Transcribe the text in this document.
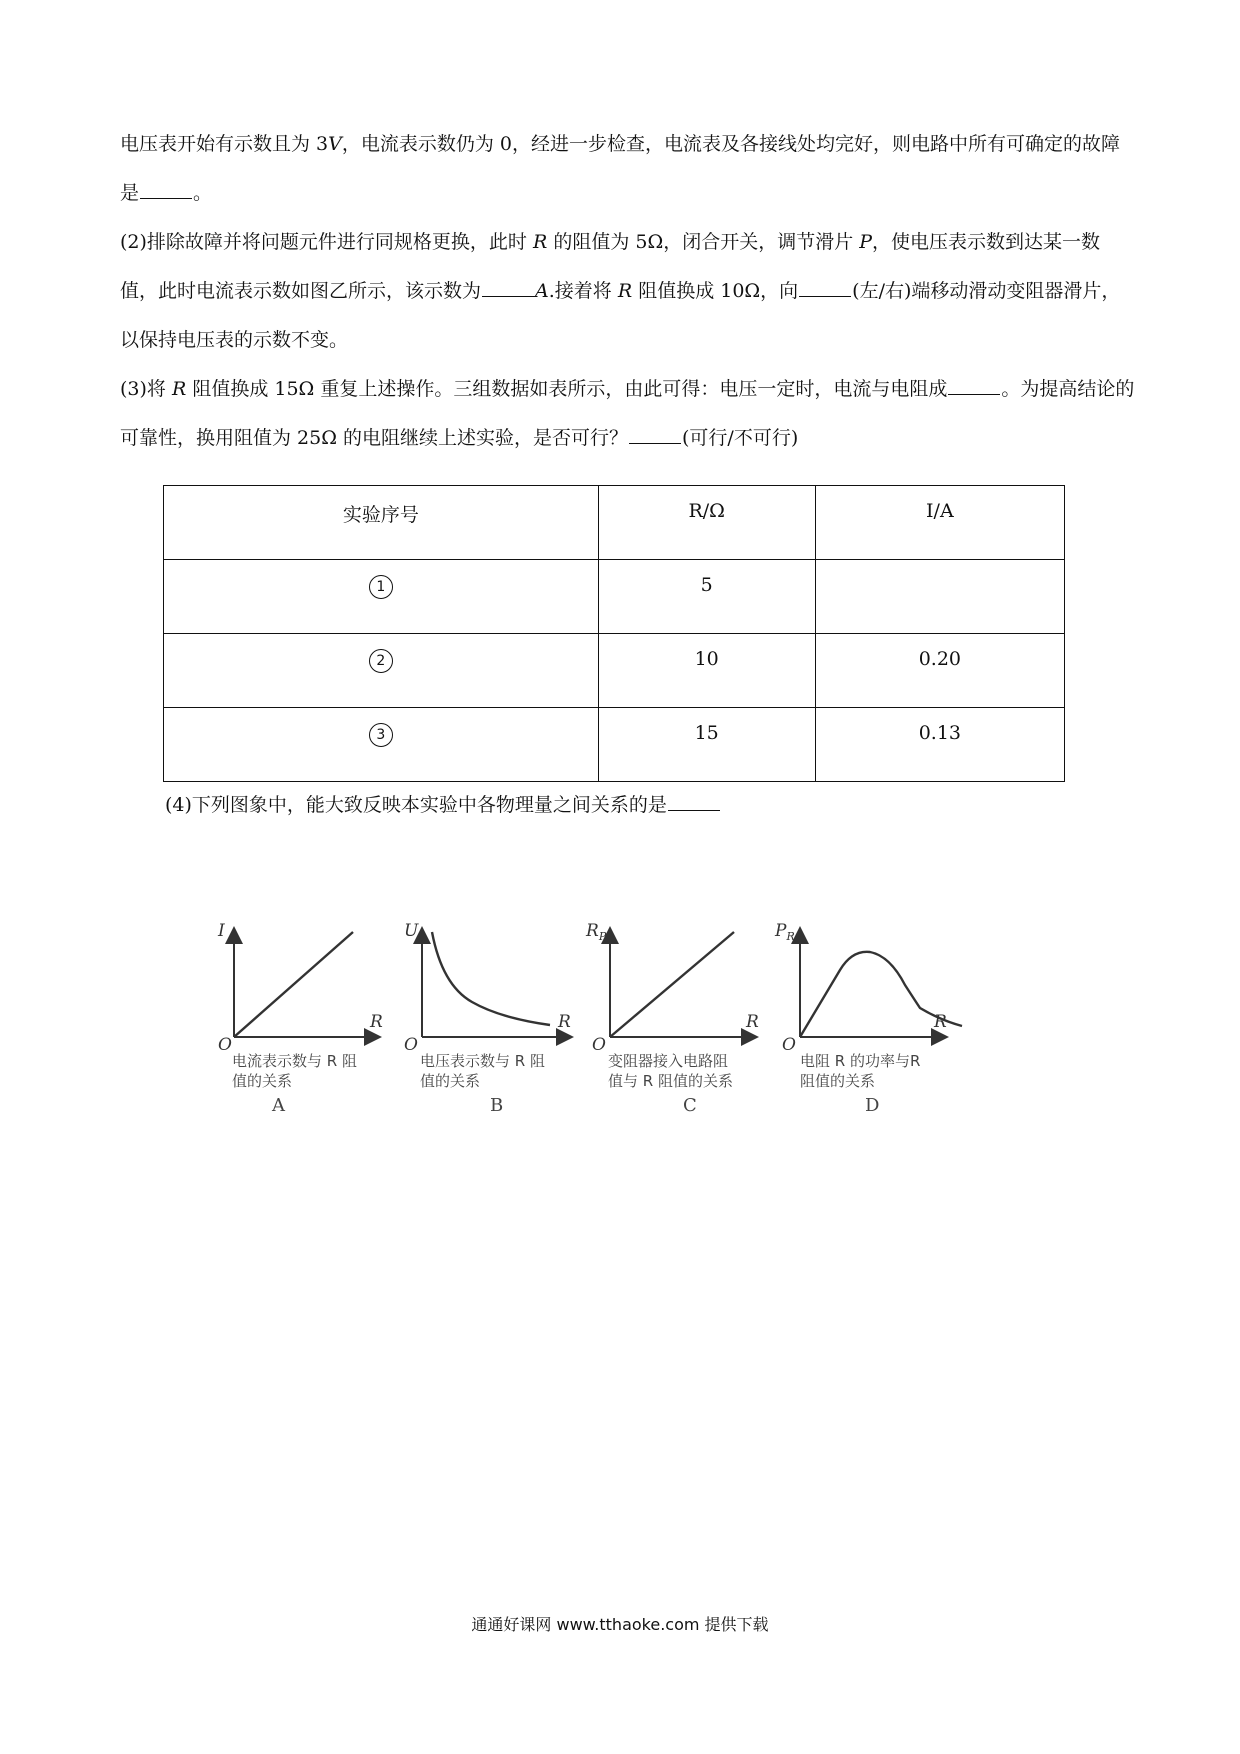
电压表开始有示数且为 3V，电流表示数仍为 0，经进一步检查，电流表及各接线处均完好，则电路中所有可确定的故障是	。

(2)排除故障并将问题元件进行同规格更换，此时 R 的阻值为 5Ω，闭合开关，调节滑片 P，使电压表示数到达某一数值，此时电流表示数如图乙所示，该示数为	A.接着将 R 阻值换成 10Ω，向	(左/右)端移动滑动变阻器滑片，以保持电压表的示数不变。

(3)将 R 阻值换成 15Ω 重复上述操作。三组数据如表所示，由此可得：电压一定时，电流与电阻成	。为提高结论的可靠性，换用阻值为 25Ω 的电阻继续上述实验，是否可行？	(可行/不可行)

实验序号	R/Ω	I/A
1	5	
2	10	0.20
3	15	0.13

(4)下列图象中，能大致反映本实验中各物理量之间关系的是

I
R
O
电流表示数与 R 阻
值的关系
A
U
R
O
电压表示数与 R 阻
值的关系
B
$R_P$
R
O
变阻器接入电路阻
值与 R 阻值的关系
C
$P_R$
R
O
电阻 R 的功率与R
阻值的关系
D

通通好课网 www.tthaoke.com 提供下载
